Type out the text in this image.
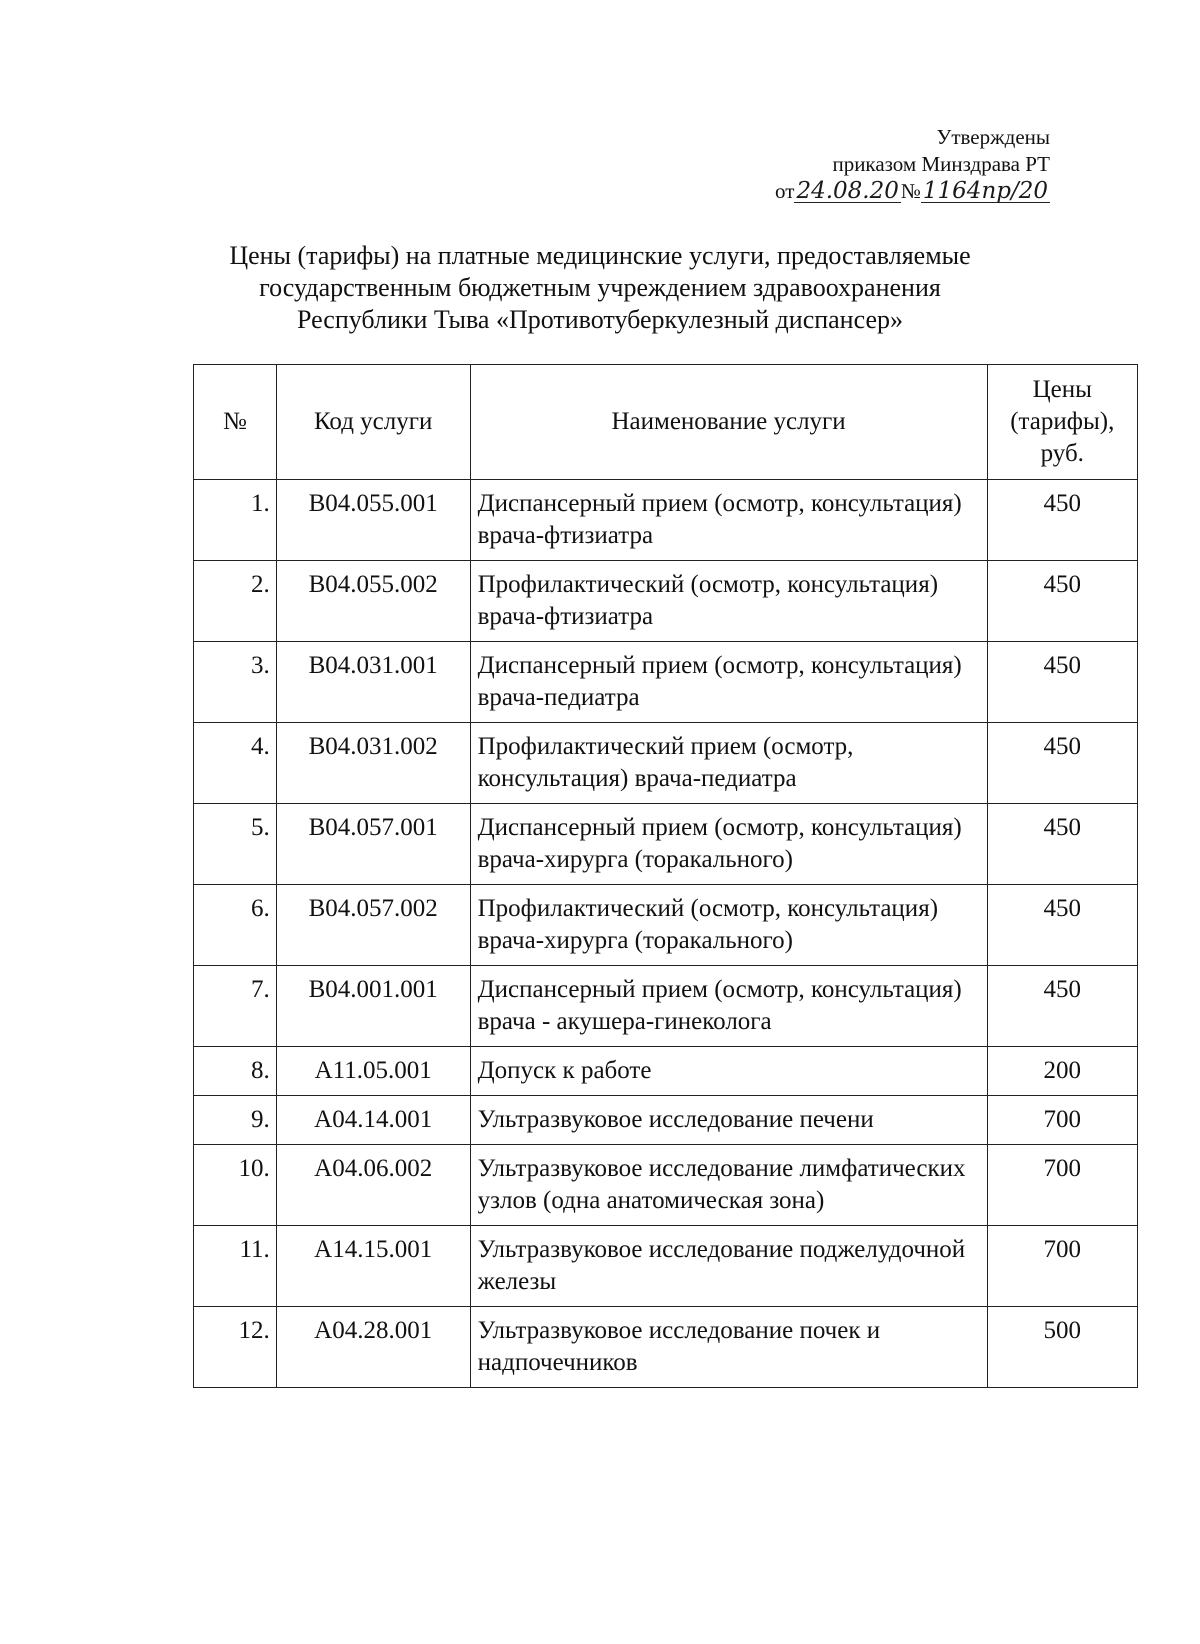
Утверждены
приказом Минздрава РТ
от24.08.20№1164пр/20
Цены (тарифы) на платные медицинские услуги, предоставляемые
государственным бюджетным учреждением здравоохранения
Республики Тыва «Противотуберкулезный диспансер»
№	Код услуги	Наименование услуги	Цены
(тарифы),
руб.

1.	B04.055.001	Диспансерный прием (осмотр, консультация) врача-фтизиатра	450
2.	B04.055.002	Профилактический (осмотр, консультация) врача-фтизиатра	450
3.	B04.031.001	Диспансерный прием (осмотр, консультация) врача-педиатра	450
4.	B04.031.002	Профилактический прием (осмотр, консультация) врача-педиатра	450
5.	B04.057.001	Диспансерный прием (осмотр, консультация) врача-хирурга (торакального)	450
6.	B04.057.002	Профилактический (осмотр, консультация) врача-хирурга (торакального)	450
7.	B04.001.001	Диспансерный прием (осмотр, консультация) врача - акушера-гинеколога	450
8.	A11.05.001	Допуск к работе	200
9.	A04.14.001	Ультразвуковое исследование печени	700
10.	A04.06.002	Ультразвуковое исследование лимфатических узлов (одна анатомическая зона)	700
11.	A14.15.001	Ультразвуковое исследование поджелудочной железы	700
12.	A04.28.001	Ультразвуковое исследование почек и надпочечников	500
